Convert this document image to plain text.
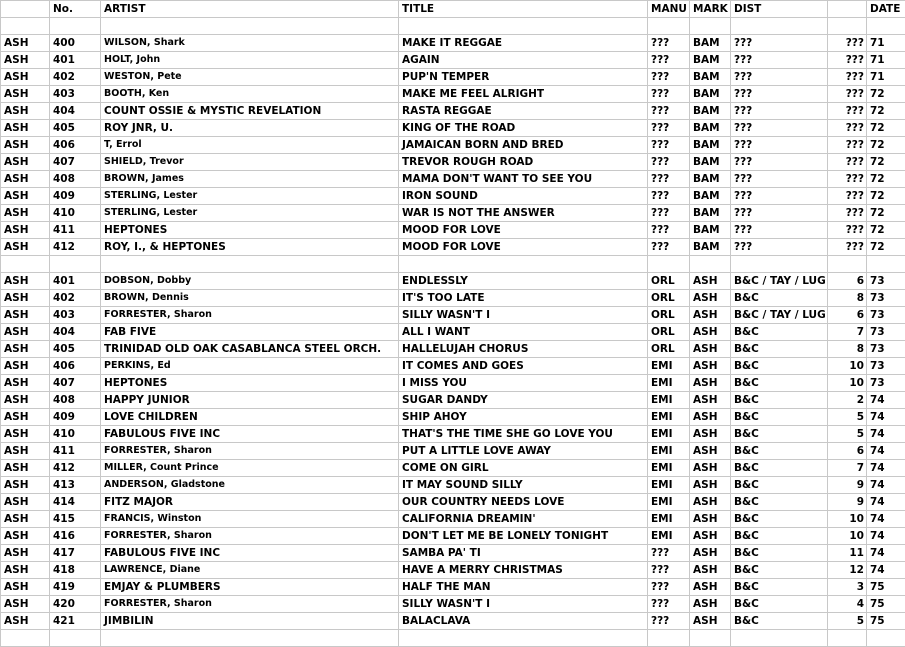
	No.	ARTIST	TITLE	MANU	MARK	DIST		DATE

ASH	400	WILSON, Shark	MAKE IT REGGAE	???	BAM	???	???	71
ASH	401	HOLT, John	AGAIN	???	BAM	???	???	71
ASH	402	WESTON, Pete	PUP'N TEMPER	???	BAM	???	???	71
ASH	403	BOOTH, Ken	MAKE ME FEEL ALRIGHT	???	BAM	???	???	72
ASH	404	COUNT OSSIE & MYSTIC REVELATION	RASTA REGGAE	???	BAM	???	???	72
ASH	405	ROY JNR, U.	KING OF THE ROAD	???	BAM	???	???	72
ASH	406	T, Errol	JAMAICAN BORN AND BRED	???	BAM	???	???	72
ASH	407	SHIELD, Trevor	TREVOR ROUGH ROAD	???	BAM	???	???	72
ASH	408	BROWN, James	MAMA DON'T WANT TO SEE YOU	???	BAM	???	???	72
ASH	409	STERLING, Lester	IRON SOUND	???	BAM	???	???	72
ASH	410	STERLING, Lester	WAR IS NOT THE ANSWER	???	BAM	???	???	72
ASH	411	HEPTONES	MOOD FOR LOVE	???	BAM	???	???	72
ASH	412	ROY, I., & HEPTONES	MOOD FOR LOVE	???	BAM	???	???	72

ASH	401	DOBSON, Dobby	ENDLESSLY	ORL	ASH	B&C / TAY / LUG	6	73
ASH	402	BROWN, Dennis	IT'S TOO LATE	ORL	ASH	B&C	8	73
ASH	403	FORRESTER, Sharon	SILLY WASN'T I	ORL	ASH	B&C / TAY / LUG	6	73
ASH	404	FAB FIVE	ALL I WANT	ORL	ASH	B&C	7	73
ASH	405	TRINIDAD OLD OAK CASABLANCA STEEL ORCH.	HALLELUJAH CHORUS	ORL	ASH	B&C	8	73
ASH	406	PERKINS, Ed	IT COMES AND GOES	EMI	ASH	B&C	10	73
ASH	407	HEPTONES	I MISS YOU	EMI	ASH	B&C	10	73
ASH	408	HAPPY JUNIOR	SUGAR DANDY	EMI	ASH	B&C	2	74
ASH	409	LOVE CHILDREN	SHIP AHOY	EMI	ASH	B&C	5	74
ASH	410	FABULOUS FIVE INC	THAT'S THE TIME SHE GO LOVE YOU	EMI	ASH	B&C	5	74
ASH	411	FORRESTER, Sharon	PUT A LITTLE LOVE AWAY	EMI	ASH	B&C	6	74
ASH	412	MILLER, Count Prince	COME ON GIRL	EMI	ASH	B&C	7	74
ASH	413	ANDERSON, Gladstone	IT MAY SOUND SILLY	EMI	ASH	B&C	9	74
ASH	414	FITZ MAJOR	OUR COUNTRY NEEDS LOVE	EMI	ASH	B&C	9	74
ASH	415	FRANCIS, Winston	CALIFORNIA DREAMIN'	EMI	ASH	B&C	10	74
ASH	416	FORRESTER, Sharon	DON'T LET ME BE LONELY TONIGHT	EMI	ASH	B&C	10	74
ASH	417	FABULOUS FIVE INC	SAMBA PA' TI	???	ASH	B&C	11	74
ASH	418	LAWRENCE, Diane	HAVE A MERRY CHRISTMAS	???	ASH	B&C	12	74
ASH	419	EMJAY & PLUMBERS	HALF THE MAN	???	ASH	B&C	3	75
ASH	420	FORRESTER, Sharon	SILLY WASN'T I	???	ASH	B&C	4	75
ASH	421	JIMBILIN	BALACLAVA	???	ASH	B&C	5	75
